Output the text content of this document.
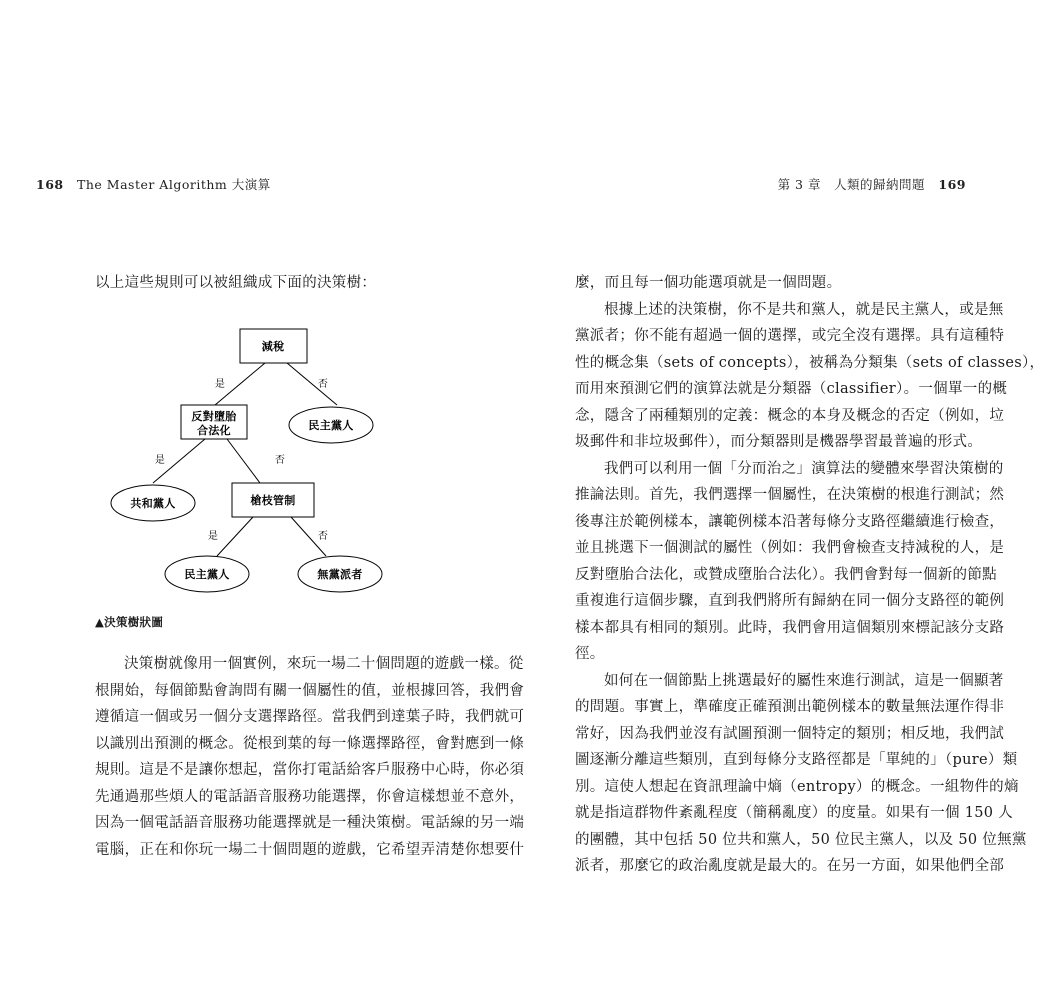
168 The Master Algorithm 大演算	第 3 章　人類的歸納問題 169

以上這些規則可以被組織成下面的決策樹：

減稅
反對墮胎
合法化	民主黨人
共和黨人	槍枝管制
民主黨人	無黨派者
是	否
是	否
是	否
▲決策樹狀圖

決策樹就像用一個實例，來玩一場二十個問題的遊戲一樣。從
根開始，每個節點會詢問有關一個屬性的值，並根據回答，我們會
遵循這一個或另一個分支選擇路徑。當我們到達葉子時，我們就可
以識別出預測的概念。從根到葉的每一條選擇路徑，會對應到一條
規則。這是不是讓你想起，當你打電話給客戶服務中心時，你必須
先通過那些煩人的電話語音服務功能選擇，你會這樣想並不意外，
因為一個電話語音服務功能選擇就是一種決策樹。電話線的另一端
電腦，正在和你玩一場二十個問題的遊戲，它希望弄清楚你想要什

麼，而且每一個功能選項就是一個問題。

根據上述的決策樹，你不是共和黨人，就是民主黨人，或是無
黨派者；你不能有超過一個的選擇，或完全沒有選擇。具有這種特
性的概念集（sets of concepts），被稱為分類集（sets of classes），
而用來預測它們的演算法就是分類器（classifier）。一個單一的概
念，隱含了兩種類別的定義：概念的本身及概念的否定（例如，垃
圾郵件和非垃圾郵件），而分類器則是機器學習最普遍的形式。

我們可以利用一個「分而治之」演算法的變體來學習決策樹的
推論法則。首先，我們選擇一個屬性，在決策樹的根進行測試；然
後專注於範例樣本，讓範例樣本沿著每條分支路徑繼續進行檢查，
並且挑選下一個測試的屬性（例如：我們會檢查支持減稅的人，是
反對墮胎合法化，或贊成墮胎合法化）。我們會對每一個新的節點
重複進行這個步驟，直到我們將所有歸納在同一個分支路徑的範例
樣本都具有相同的類別。此時，我們會用這個類別來標記該分支路
徑。

如何在一個節點上挑選最好的屬性來進行測試，這是一個顯著
的問題。事實上，準確度正確預測出範例樣本的數量無法運作得非
常好，因為我們並沒有試圖預測一個特定的類別；相反地，我們試
圖逐漸分離這些類別，直到每條分支路徑都是「單純的」（pure）類
別。這使人想起在資訊理論中熵（entropy）的概念。一組物件的熵
就是指這群物件紊亂程度（簡稱亂度）的度量。如果有一個 150 人
的團體，其中包括 50 位共和黨人，50 位民主黨人，以及 50 位無黨
派者，那麼它的政治亂度就是最大的。在另一方面，如果他們全部
